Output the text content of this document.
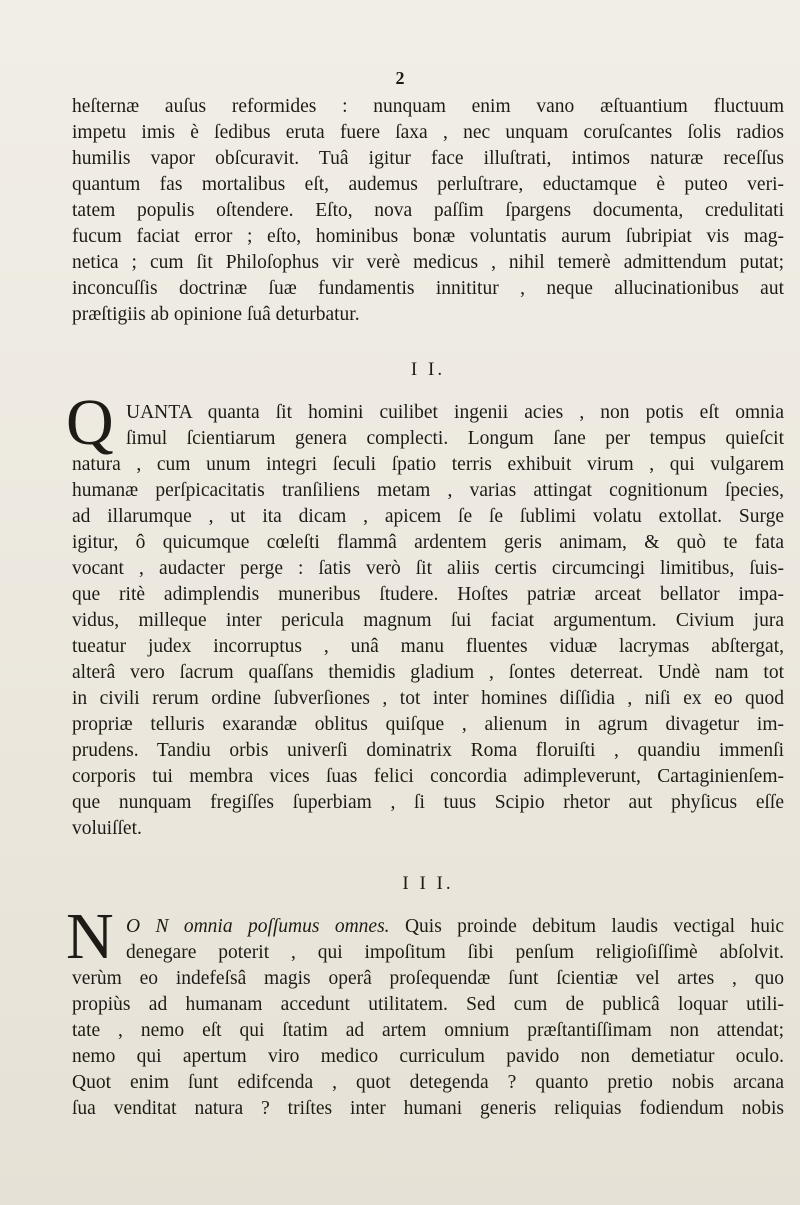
2
heſternæ auſus reformides : nunquam enim vano æſtuantium fluctuum
impetu imis è ſedibus eruta fuere ſaxa , nec unquam coruſcantes ſolis radios
humilis vapor obſcuravit. Tuâ igitur face illuſtrati, intimos naturæ receſſus
quantum fas mortalibus eſt, audemus perluſtrare, eductamque è puteo veri-
tatem populis oſtendere. Eſto, nova paſſim ſpargens documenta, credulitati
fucum faciat error ; eſto, hominibus bonæ voluntatis aurum ſubripiat vis mag-
netica ; cum ſit Philoſophus vir verè medicus , nihil temerè admittendum putat;
inconcuſſis doctrinæ ſuæ fundamentis innititur , neque allucinationibus aut
præſtigiis ab opinione ſuâ deturbatur.
I I.
Q UANTA quanta ſit homini cuilibet ingenii acies , non potis eſt omnia
ſimul ſcientiarum genera complecti. Longum ſane per tempus quieſcit
natura , cum unum integri ſeculi ſpatio terris exhibuit virum , qui vulgarem
humanæ perſpicacitatis tranſiliens metam , varias attingat cognitionum ſpecies,
ad illarumque , ut ita dicam , apicem ſe ſe ſublimi volatu extollat. Surge
igitur, ô quicumque cœleſti flammâ ardentem geris animam, & quò te fata
vocant , audacter perge : ſatis verò ſit aliis certis circumcingi limitibus, ſuis-
que ritè adimplendis muneribus ſtudere. Hoſtes patriæ arceat bellator impa-
vidus, milleque inter pericula magnum ſui faciat argumentum. Civium jura
tueatur judex incorruptus , unâ manu fluentes viduæ lacrymas abſtergat,
alterâ vero ſacrum quaſſans themidis gladium , ſontes deterreat. Undè nam tot
in civili rerum ordine ſubverſiones , tot inter homines diſſidia , niſi ex eo quod
propriæ telluris exarandæ oblitus quiſque , alienum in agrum divagetur im-
prudens. Tandiu orbis univerſi dominatrix Roma floruiſti , quandiu immenſi
corporis tui membra vices ſuas felici concordia adimpleverunt, Cartaginienſem-
que nunquam fregiſſes ſuperbiam , ſi tuus Scipio rhetor aut phyſicus eſſe
voluiſſet.
I I I.
N O N omnia poſſumus omnes. Quis proinde debitum laudis vectigal huic
denegare poterit , qui impoſitum ſibi penſum religioſiſſimè abſolvit.
verùm eo indefeſsâ magis operâ proſequendæ ſunt ſcientiæ vel artes , quo
propiùs ad humanam accedunt utilitatem. Sed cum de publicâ loquar utili-
tate , nemo eſt qui ſtatim ad artem omnium præſtantiſſimam non attendat;
nemo qui apertum viro medico curriculum pavido non demetiatur oculo.
Quot enim ſunt edifcenda , quot detegenda ? quanto pretio nobis arcana
ſua venditat natura ? triſtes inter humani generis reliquias fodiendum nobis
